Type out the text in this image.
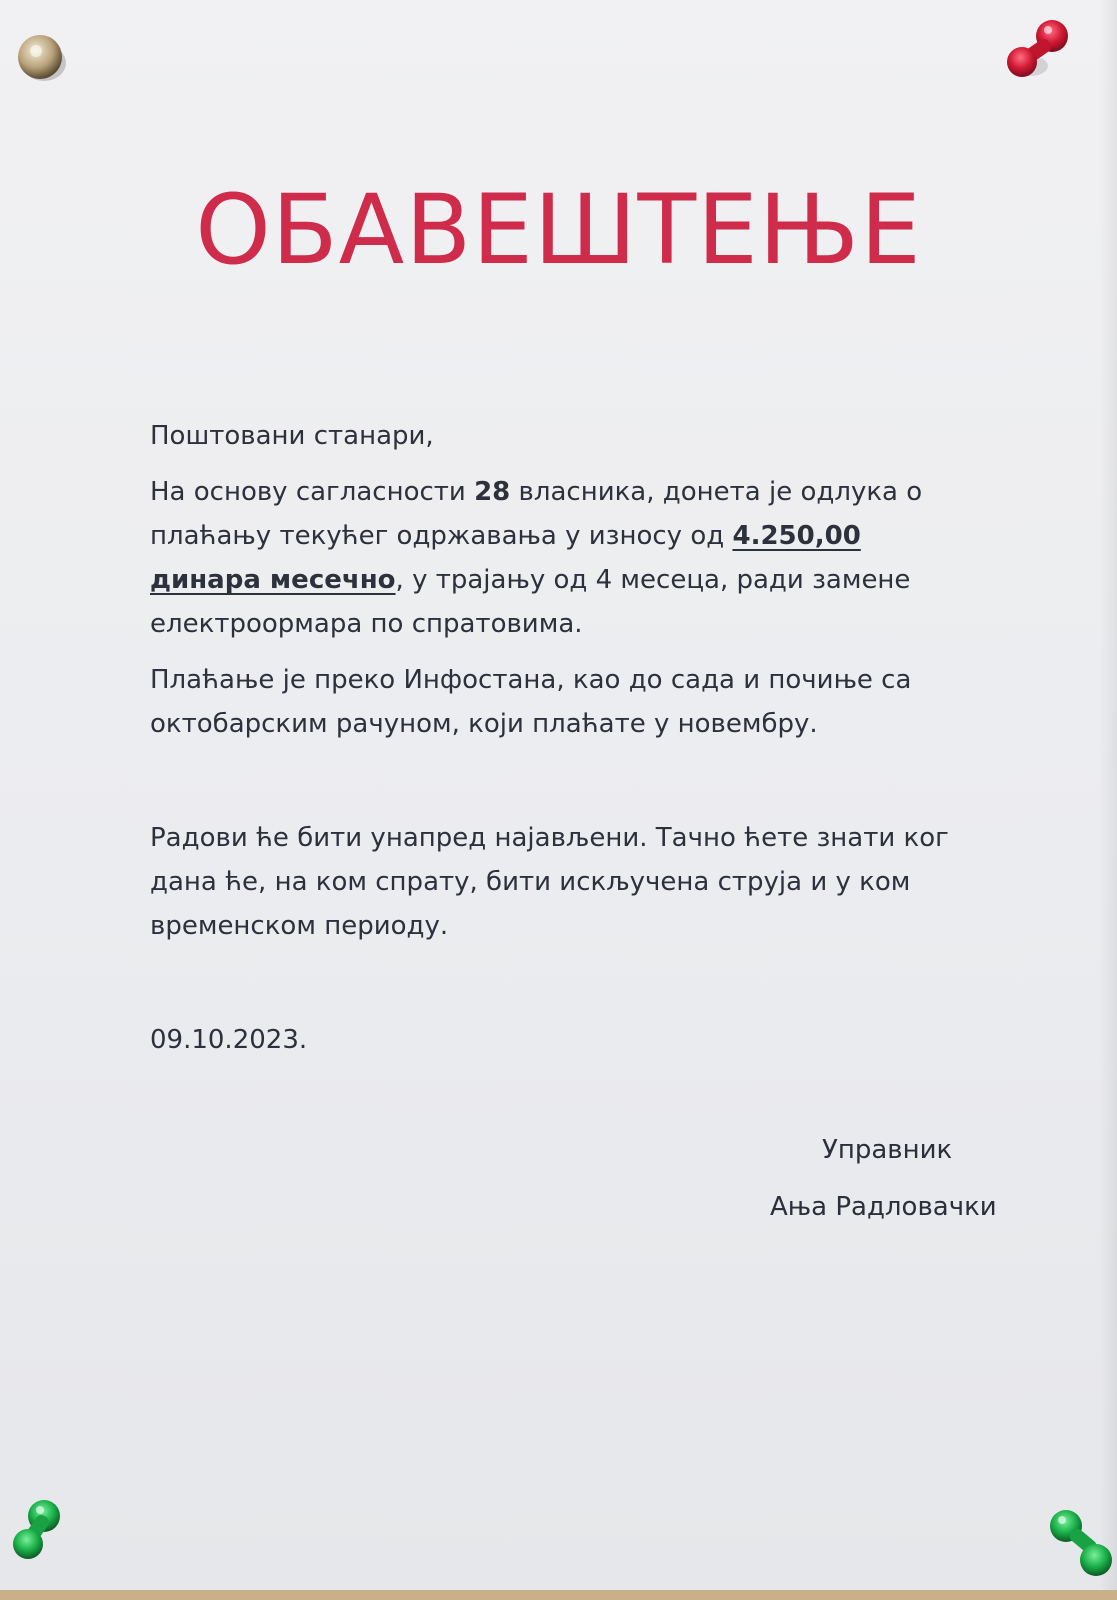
ОБАВЕШТЕЊЕ
Поштовани станари,
На основу сагласности 28 власника, донета је одлука о плаћању текућег одржавања у износу од 4.250,00 динара месечно, у трајању од 4 месеца, ради замене електроормара по спратовима.
Плаћање је преко Инфостана, као до сада и почиње са октобарским рачуном, који плаћате у новембру.
Радови ће бити унапред најављени. Тачно ћете знати ког дана ће, на ком спрату, бити искључена струја и у ком временском периоду.
09.10.2023.
Управник
Ања Радловачки
